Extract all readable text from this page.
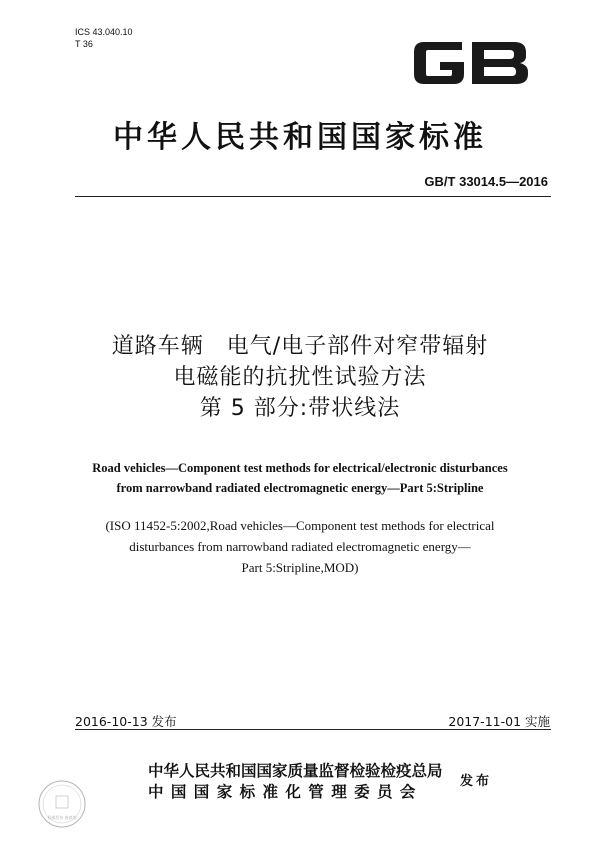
ICS 43.040.10
T 36
中华人民共和国国家标准
GB/T 33014.5—2016
道路车辆　电气/电子部件对窄带辐射
电磁能的抗扰性试验方法
第 5 部分:带状线法
Road vehicles—Component test methods for electrical/electronic disturbances
from narrowband radiated electromagnetic energy—Part 5:Stripline
(ISO 11452-5:2002,Road vehicles—Component test methods for electrical
disturbances from narrowband radiated electromagnetic energy—
Part 5:Stripline,MOD)
2016-10-13 发布	2017-11-01 实施
中华人民共和国国家质量监督检验检疫总局
中国国家标准化管理委员会
发布
权威发布 查真伪
